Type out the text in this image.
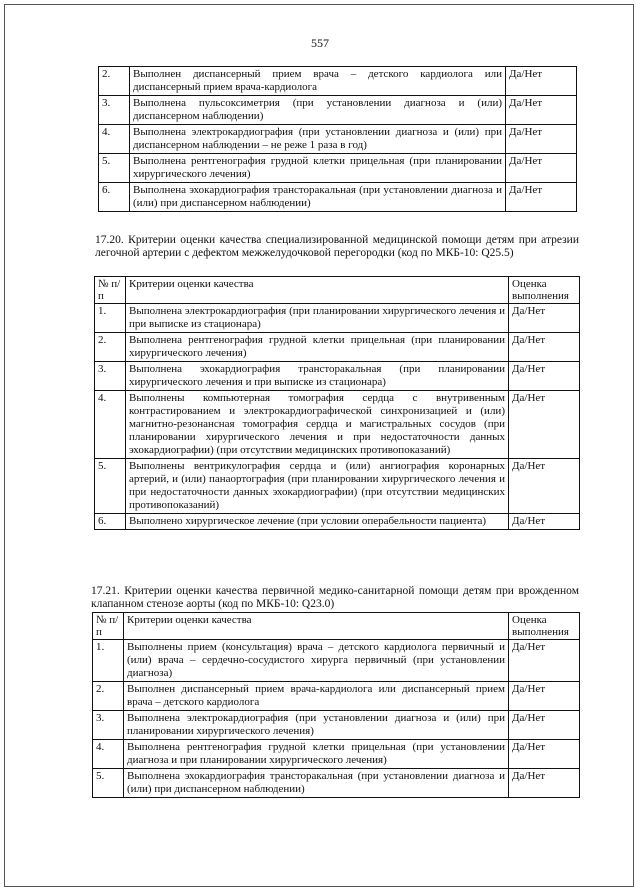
557
2.	Выполнен диспансерный прием врача – детского кардиолога или диспансерный прием врача-кардиолога	Да/Нет
3.	Выполнена пульсоксиметрия (при установлении диагноза и (или) диспансерном наблюдении)	Да/Нет
4.	Выполнена электрокардиография (при установлении диагноза и (или) при диспансерном наблюдении – не реже 1 раза в год)	Да/Нет
5.	Выполнена рентгенография грудной клетки прицельная (при планировании хирургического лечения)	Да/Нет
6.	Выполнена эхокардиография трансторакальная (при установлении диагноза и (или) при диспансерном наблюдении)	Да/Нет
17.20. Критерии оценки качества специализированной медицинской помощи детям при атрезии легочной артерии с дефектом межжелудочковой перегородки (код по МКБ-10: Q25.5)
№ п/п	Критерии оценки качества	Оценка выполнения
1.	Выполнена электрокардиография (при планировании хирургического лечения и при выписке из стационара)	Да/Нет
2.	Выполнена рентгенография грудной клетки прицельная (при планировании хирургического лечения)	Да/Нет
3.	Выполнена эхокардиография трансторакальная (при планировании хирургического лечения и при выписке из стационара)	Да/Нет
4.	Выполнены компьютерная томография сердца с внутривенным контрастированием и электрокардиографической синхронизацией и (или) магнитно-резонансная томография сердца и магистральных сосудов (при планировании хирургического лечения и при недостаточности данных эхокардиографии) (при отсутствии медицинских противопоказаний)	Да/Нет
5.	Выполнены вентрикулография сердца и (или) ангиография коронарных артерий, и (или) панаортография (при планировании хирургического лечения и при недостаточности данных эхокардиографии) (при отсутствии медицинских противопоказаний)	Да/Нет
6.	Выполнено хирургическое лечение (при условии операбельности пациента)	Да/Нет
17.21. Критерии оценки качества первичной медико-санитарной помощи детям при врожденном клапанном стенозе аорты (код по МКБ-10: Q23.0)
№ п/п	Критерии оценки качества	Оценка выполнения
1.	Выполнены прием (консультация) врача – детского кардиолога первичный и (или) врача – сердечно-сосудистого хирурга первичный (при установлении диагноза)	Да/Нет
2.	Выполнен диспансерный прием врача-кардиолога или диспансерный прием врача – детского кардиолога	Да/Нет
3.	Выполнена электрокардиография (при установлении диагноза и (или) при планировании хирургического лечения)	Да/Нет
4.	Выполнена рентгенография грудной клетки прицельная (при установлении диагноза и при планировании хирургического лечения)	Да/Нет
5.	Выполнена эхокардиография трансторакальная (при установлении диагноза и (или) при диспансерном наблюдении)	Да/Нет
